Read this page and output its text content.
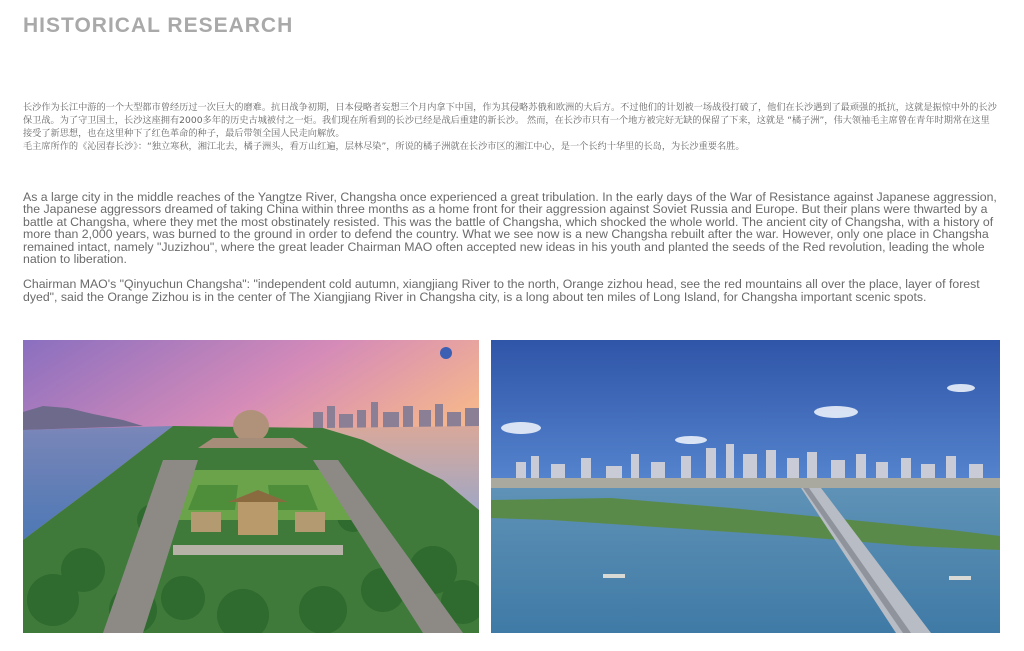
HISTORICAL RESEARCH

长沙作为长江中游的一个大型都市曾经历过一次巨大的磨难。抗日战争初期，日本侵略者妄想三个月内拿下中国，作为其侵略苏俄和欧洲的大后方。不过他们的计划被一场战役打破了，他们在长沙遇到了最顽强的抵抗，这就是振惊中外的长沙保卫战。为了守卫国土，长沙这座拥有2000多年的历史古城被付之一炬。我们现在所看到的长沙已经是战后重建的新长沙。 然而，在长沙市只有一个地方被完好无缺的保留了下来，这就是 “橘子洲”，伟大领袖毛主席曾在青年时期常在这里接受了新思想，也在这里种下了红色革命的种子，最后带领全国人民走向解放。

毛主席所作的《沁园春长沙》：“独立寒秋，湘江北去，橘子洲头，看万山红遍，层林尽染”，所说的橘子洲就在长沙市区的湘江中心，是一个长约十华里的长岛，为长沙重要名胜。

As a large city in the middle reaches of the Yangtze River, Changsha once experienced a great tribulation. In the early days of the War of Resistance against Japanese aggression, the Japanese aggressors dreamed of taking China within three months as a home front for their aggression against Soviet Russia and Europe. But their plans were thwarted by a battle at Changsha, where they met the most obstinately resisted. This was the battle of Changsha, which shocked the whole world. The ancient city of Changsha, with a history of more than 2,000 years, was burned to the ground in order to defend the country. What we see now is a new Changsha rebuilt after the war. However, only one place in Changsha remained intact, namely "Juzizhou", where the great leader Chairman MAO often accepted new ideas in his youth and planted the seeds of the Red revolution, leading the whole nation to liberation.

Chairman MAO's "Qinyuchun Changsha": "independent cold autumn, xiangjiang River to the north, Orange zizhou head, see the red mountains all over the place, layer of forest dyed", said the Orange Zizhou is in the center of The Xiangjiang River in Changsha city, is a long about ten miles of Long Island, for Changsha important scenic spots.
